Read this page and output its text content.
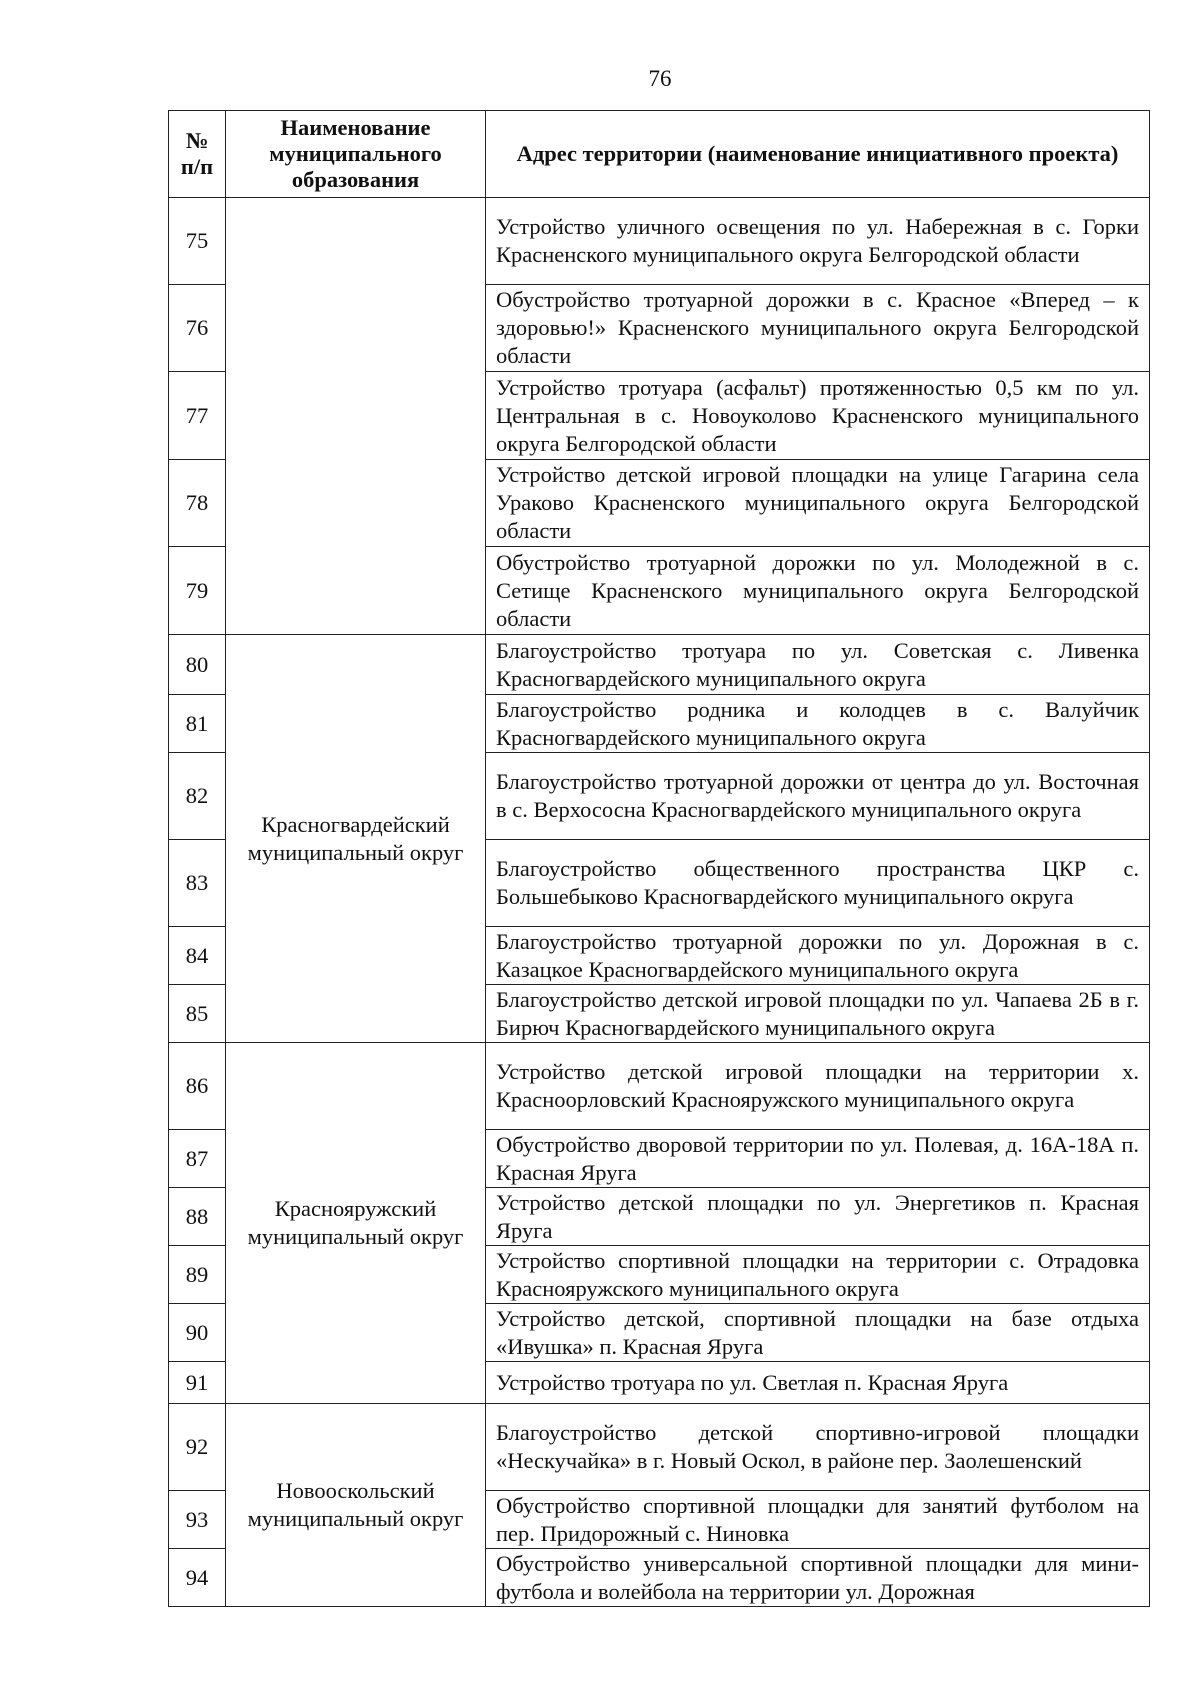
76
№ п/п	Наименование муниципального образования	Адрес территории (наименование инициативного проекта)
75		Устройство уличного освещения по ул. Набережная в с. Горки Красненского муниципального округа Белгородской области
76		Обустройство тротуарной дорожки в с. Красное «Вперед – к здоровью!» Красненского муниципального округа Белгородской области
77		Устройство тротуара (асфальт) протяженностью 0,5 км по ул. Центральная в с. Новоуколово Красненского муниципального округа Белгородской области
78		Устройство детской игровой площадки на улице Гагарина села Ураково Красненского муниципального округа Белгородской области
79		Обустройство тротуарной дорожки по ул. Молодежной в с. Сетище Красненского муниципального округа Белгородской области
80	Красногвардейский муниципальный округ	Благоустройство тротуара по ул. Советская с. Ливенка Красногвардейского муниципального округа
81		Благоустройство родника и колодцев в с. Валуйчик Красногвардейского муниципального округа
82		Благоустройство тротуарной дорожки от центра до ул. Восточная в с. Верхососна Красногвардейского муниципального округа
83		Благоустройство общественного пространства ЦКР с. Большебыково Красногвардейского муниципального округа
84		Благоустройство тротуарной дорожки по ул. Дорожная в с. Казацкое Красногвардейского муниципального округа
85		Благоустройство детской игровой площадки по ул. Чапаева 2Б в г. Бирюч Красногвардейского муниципального округа
86	Краснояружский муниципальный округ	Устройство детской игровой площадки на территории х. Красноорловский Краснояружского муниципального округа
87		Обустройство дворовой территории по ул. Полевая, д. 16А-18А п. Красная Яруга
88		Устройство детской площадки по ул. Энергетиков п. Красная Яруга
89		Устройство спортивной площадки на территории с. Отрадовка Краснояружского муниципального округа
90		Устройство детской, спортивной площадки на базе отдыха «Ивушка» п. Красная Яруга
91		Устройство тротуара по ул. Светлая п. Красная Яруга
92	Новооскольский муниципальный округ	Благоустройство детской спортивно-игровой площадки «Нескучайка» в г. Новый Оскол, в районе пер. Заолешенский
93		Обустройство спортивной площадки для занятий футболом на пер. Придорожный с. Ниновка
94		Обустройство универсальной спортивной площадки для мини-футбола и волейбола на территории ул. Дорожная
